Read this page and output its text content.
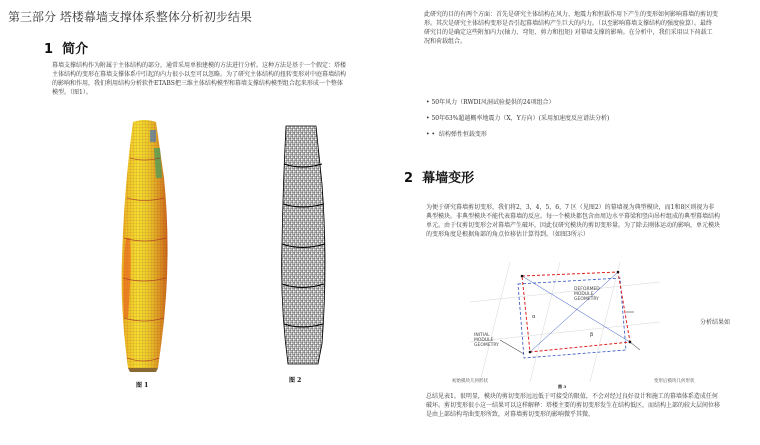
第三部分 塔楼幕墙支撑体系整体分析初步结果
1 简介

幕墙支撑结构作为附属于主体结构的部分，通常采用单独建模的方法进行分析。这种方法是基于一个假定：塔楼

主体结构的变形在幕墙支撑体系中引起的内力很小以至可以忽略。为了研究主体结构的扭转变形对中庭幕墙结构

的影响和作用，我们利用结构分析软件ETABS把三维主体结构模型和幕墙支撑结构模型组合起来形成一个整体

模型。（图1）。

图 1
图 2

此研究的目的有两个方面：首先是研究主体结构在风力、地震力和恒载作用下产生的变形如何影响幕墙的剪切变

形。其次是研究主体结构变形是否引起幕墙结构产生巨大的内力。（以至影响幕墙支撑结构的强度验算）。最终

研究目的是确定这些附加内力(轴力、弯矩、剪力和扭矩) 对幕墙支撑的影响。在分析中，我们采用以下荷载工

况和荷载组合。

• 50年风力（RWDI风洞试验提供的24项组合）
• 50年63%超越概率地震力（X，Y方向）(采用加速度反应谱法分析)
• •  结构弹性恒载变形
2 幕墙变形

为便于研究幕墙剪切变形，我们将2，3，4，5，6，7 区（见图2）的幕墙视为典型模块，而1和8区则视为非

典型模块。非典型模块不能代表幕墙的反应。每一个模块都包含由周边水平幕梁和竖向吊杆组成的典型幕墙结构

单元。由于仅剪切变形会对幕墙产生破坏，因此仅研究模块的剪切变形量。为了除去刚体运动的影响，单元模块

的变形角度是根据角部的角点位移估计算得到。（如图3所示）

α
β
DEFORMED MODULE GEOMETRY
INITIAL MODULE GEOMETRY
初始模块几何形状	变形后模块几何形状
图 3
分析结果如

总结见表1。很明显，模块的剪切变形远远低于可接受的限值，不会对经过良好设计和施工的幕墙体系造成任何

破坏。剪切变形很小这一结果可以这样解释：塔楼主要的剪切变形发生在结构低区，而结构上部的较大层间位移

是由上部结构弯曲变形所致，对幕墙剪切变形的影响微乎其微。
